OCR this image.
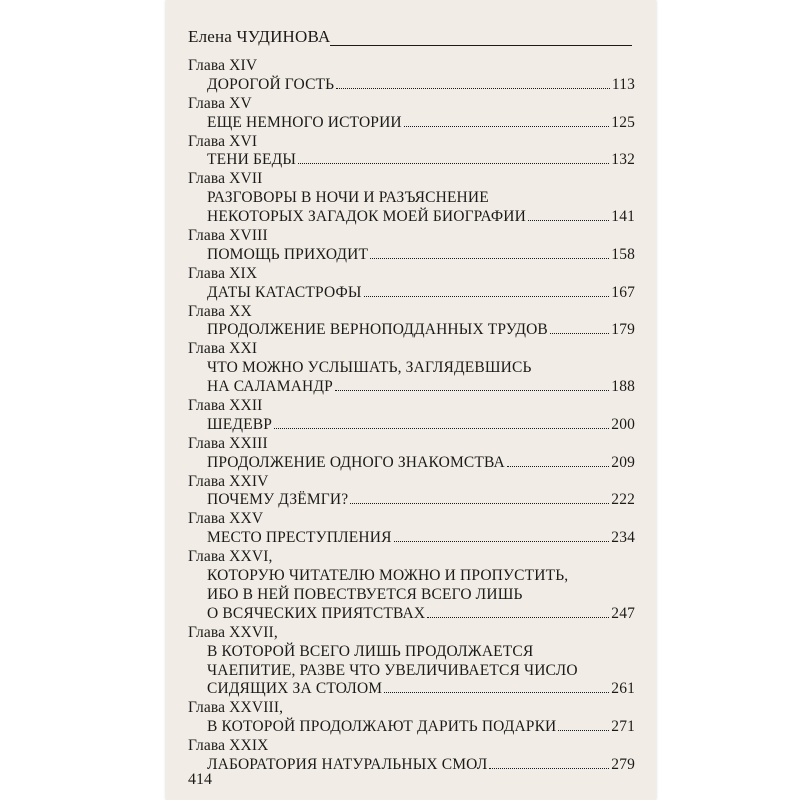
Елена ЧУДИНОВА
Глава XIV
ДОРОГОЙ ГОСТЬ	113
Глава XV
ЕЩЕ НЕМНОГО ИСТОРИИ	125
Глава XVI
ТЕНИ БЕДЫ	132
Глава XVII
РАЗГОВОРЫ В НОЧИ И РАЗЪЯСНЕНИЕ
НЕКОТОРЫХ ЗАГАДОК МОЕЙ БИОГРАФИИ	141
Глава XVIII
ПОМОЩЬ ПРИХОДИТ	158
Глава XIX
ДАТЫ КАТАСТРОФЫ	167
Глава XX
ПРОДОЛЖЕНИЕ ВЕРНОПОДДАННЫХ ТРУДОВ	179
Глава XXI
ЧТО МОЖНО УСЛЫШАТЬ, ЗАГЛЯДЕВШИСЬ
НА САЛАМАНДР	188
Глава XXII
ШЕДЕВР	200
Глава XXIII
ПРОДОЛЖЕНИЕ ОДНОГО ЗНАКОМСТВА	209
Глава XXIV
ПОЧЕМУ ДЗЁМГИ?	222
Глава XXV
МЕСТО ПРЕСТУПЛЕНИЯ	234
Глава XXVI,
КОТОРУЮ ЧИТАТЕЛЮ МОЖНО И ПРОПУСТИТЬ,
ИБО В НЕЙ ПОВЕСТВУЕТСЯ ВСЕГО ЛИШЬ
О ВСЯЧЕСКИХ ПРИЯТСТВАХ	247
Глава XXVII,
В КОТОРОЙ ВСЕГО ЛИШЬ ПРОДОЛЖАЕТСЯ
ЧАЕПИТИЕ, РАЗВЕ ЧТО УВЕЛИЧИВАЕТСЯ ЧИСЛО
СИДЯЩИХ ЗА СТОЛОМ	261
Глава XXVIII,
В КОТОРОЙ ПРОДОЛЖАЮТ ДАРИТЬ ПОДАРКИ	271
Глава XXIX
ЛАБОРАТОРИЯ НАТУРАЛЬНЫХ СМОЛ	279
414
